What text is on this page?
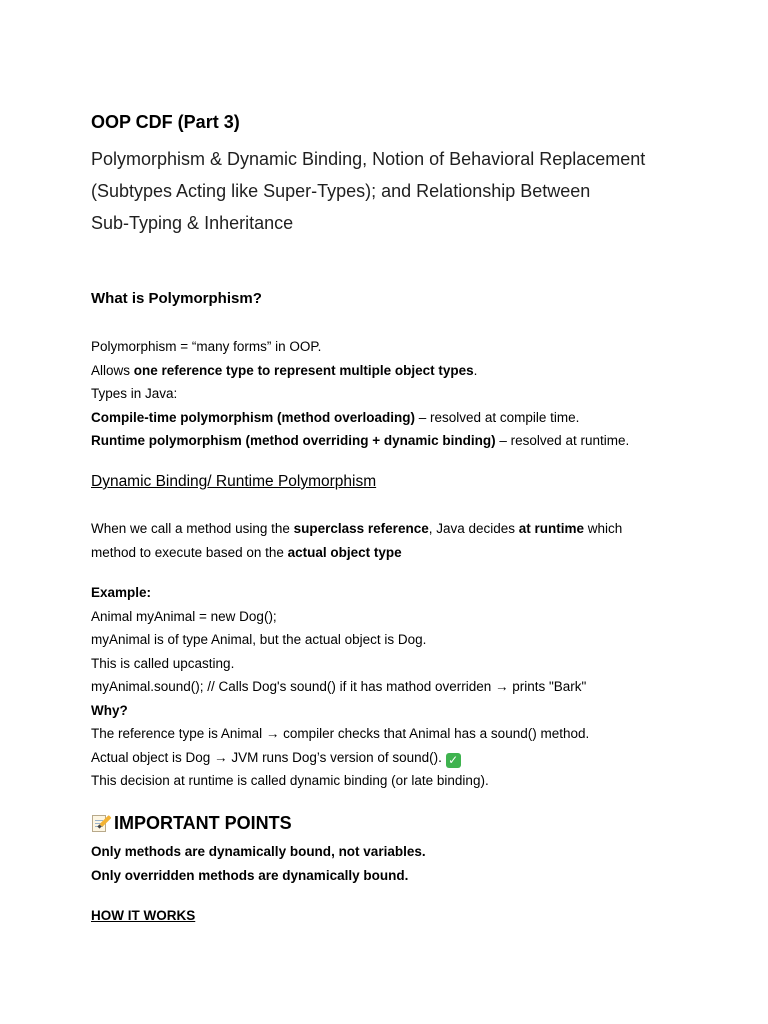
OOP CDF (Part 3)
Polymorphism & Dynamic Binding, Notion of Behavioral Replacement
(Subtypes Acting like Super-Types); and Relationship Between
Sub-Typing & Inheritance
What is Polymorphism?

Polymorphism = “many forms” in OOP.
Allows one reference type to represent multiple object types.
Types in Java:
Compile-time polymorphism (method overloading) – resolved at compile time.
Runtime polymorphism (method overriding + dynamic binding) – resolved at runtime.

Dynamic Binding/ Runtime Polymorphism

When we call a method using the superclass reference, Java decides at runtime which
method to execute based on the actual object type

Example:
Animal myAnimal = new Dog();
myAnimal is of type Animal, but the actual object is Dog.
This is called upcasting.
myAnimal.sound(); // Calls Dog's sound() if it has mathod overriden → prints "Bark"
Why?
The reference type is Animal → compiler checks that Animal has a sound() method.
Actual object is Dog → JVM runs Dog’s version of sound(). ✓
This decision at runtime is called dynamic binding (or late binding).

IMPORTANT POINTS

Only methods are dynamically bound, not variables.
Only overridden methods are dynamically bound.

HOW IT WORKS
